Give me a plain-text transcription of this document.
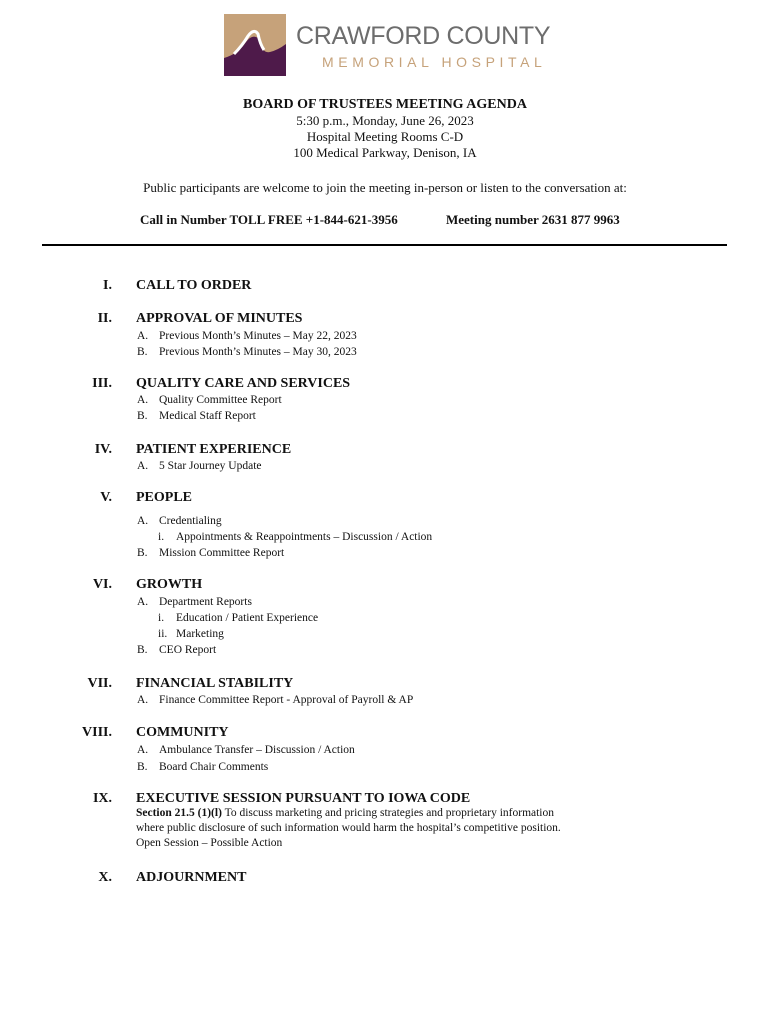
CRAWFORD COUNTY
MEMORIAL HOSPITAL
BOARD OF TRUSTEES MEETING AGENDA
5:30 p.m., Monday, June 26, 2023
Hospital Meeting Rooms C-D
100 Medical Parkway, Denison, IA
Public participants are welcome to join the meeting in-person or listen to the conversation at:
Call in Number TOLL FREE +1-844-621-3956	Meeting number 2631 877 9963
I. CALL TO ORDER
II. APPROVAL OF MINUTES
A. Previous Month’s Minutes – May 22, 2023
B. Previous Month’s Minutes – May 30, 2023
III. QUALITY CARE AND SERVICES
A. Quality Committee Report
B. Medical Staff Report
IV. PATIENT EXPERIENCE
A. 5 Star Journey Update
V. PEOPLE
A. Credentialing
i. Appointments & Reappointments – Discussion / Action
B. Mission Committee Report
VI. GROWTH
A. Department Reports
i. Education / Patient Experience
ii. Marketing
B. CEO Report
VII. FINANCIAL STABILITY
A. Finance Committee Report - Approval of Payroll & AP
VIII. COMMUNITY
A. Ambulance Transfer – Discussion / Action
B. Board Chair Comments
IX. EXECUTIVE SESSION PURSUANT TO IOWA CODE
Section 21.5 (1)(l) To discuss marketing and pricing strategies and proprietary information
where public disclosure of such information would harm the hospital’s competitive position.
Open Session – Possible Action
X. ADJOURNMENT
